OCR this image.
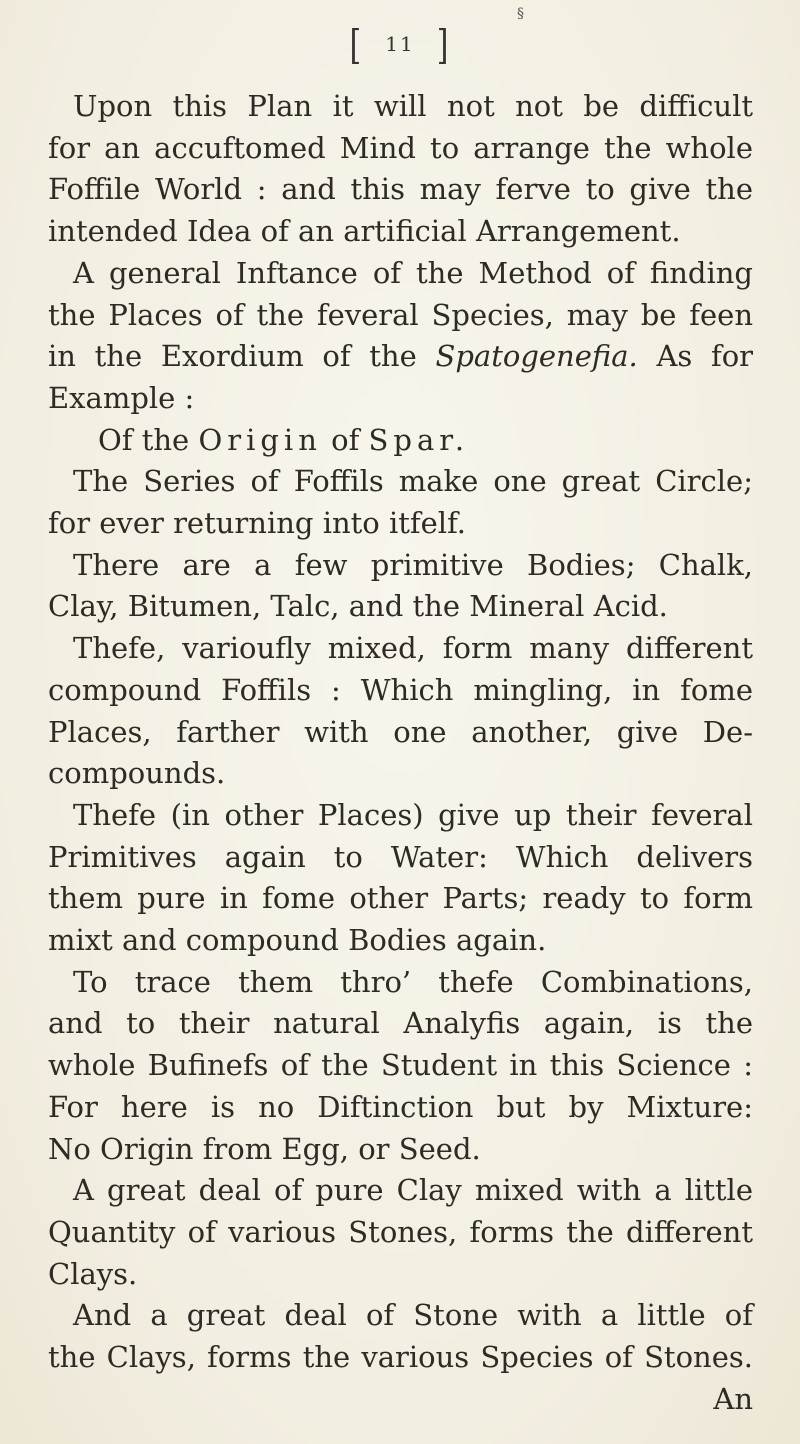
§
[ 11 ]
Upon this Plan it will not not be difficult
for an accuftomed Mind to arrange the whole
Foffile World : and this may ferve to give the
intended Idea of an artificial Arrangement.
A general Inftance of the Method of finding
the Places of the feveral Species, may be feen
in the Exordium of the Spatogenefia. As for
Example :
Of the Origin of Spar.
The Series of Foffils make one great Circle;
for ever returning into itfelf.
There are a few primitive Bodies; Chalk,
Clay, Bitumen, Talc, and the Mineral Acid.
Thefe, varioufly mixed, form many different
compound Foffils : Which mingling, in fome
Places, farther with one another, give De-
compounds.
Thefe (in other Places) give up their feveral
Primitives again to Water: Which delivers
them pure in fome other Parts; ready to form
mixt and compound Bodies again.
To trace them thro’ thefe Combinations,
and to their natural Analyfis again, is the
whole Bufinefs of the Student in this Science :
For here is no Diftinction but by Mixture:
No Origin from Egg, or Seed.
A great deal of pure Clay mixed with a little
Quantity of various Stones, forms the different
Clays.
And a great deal of Stone with a little of
the Clays, forms the various Species of Stones.
An
